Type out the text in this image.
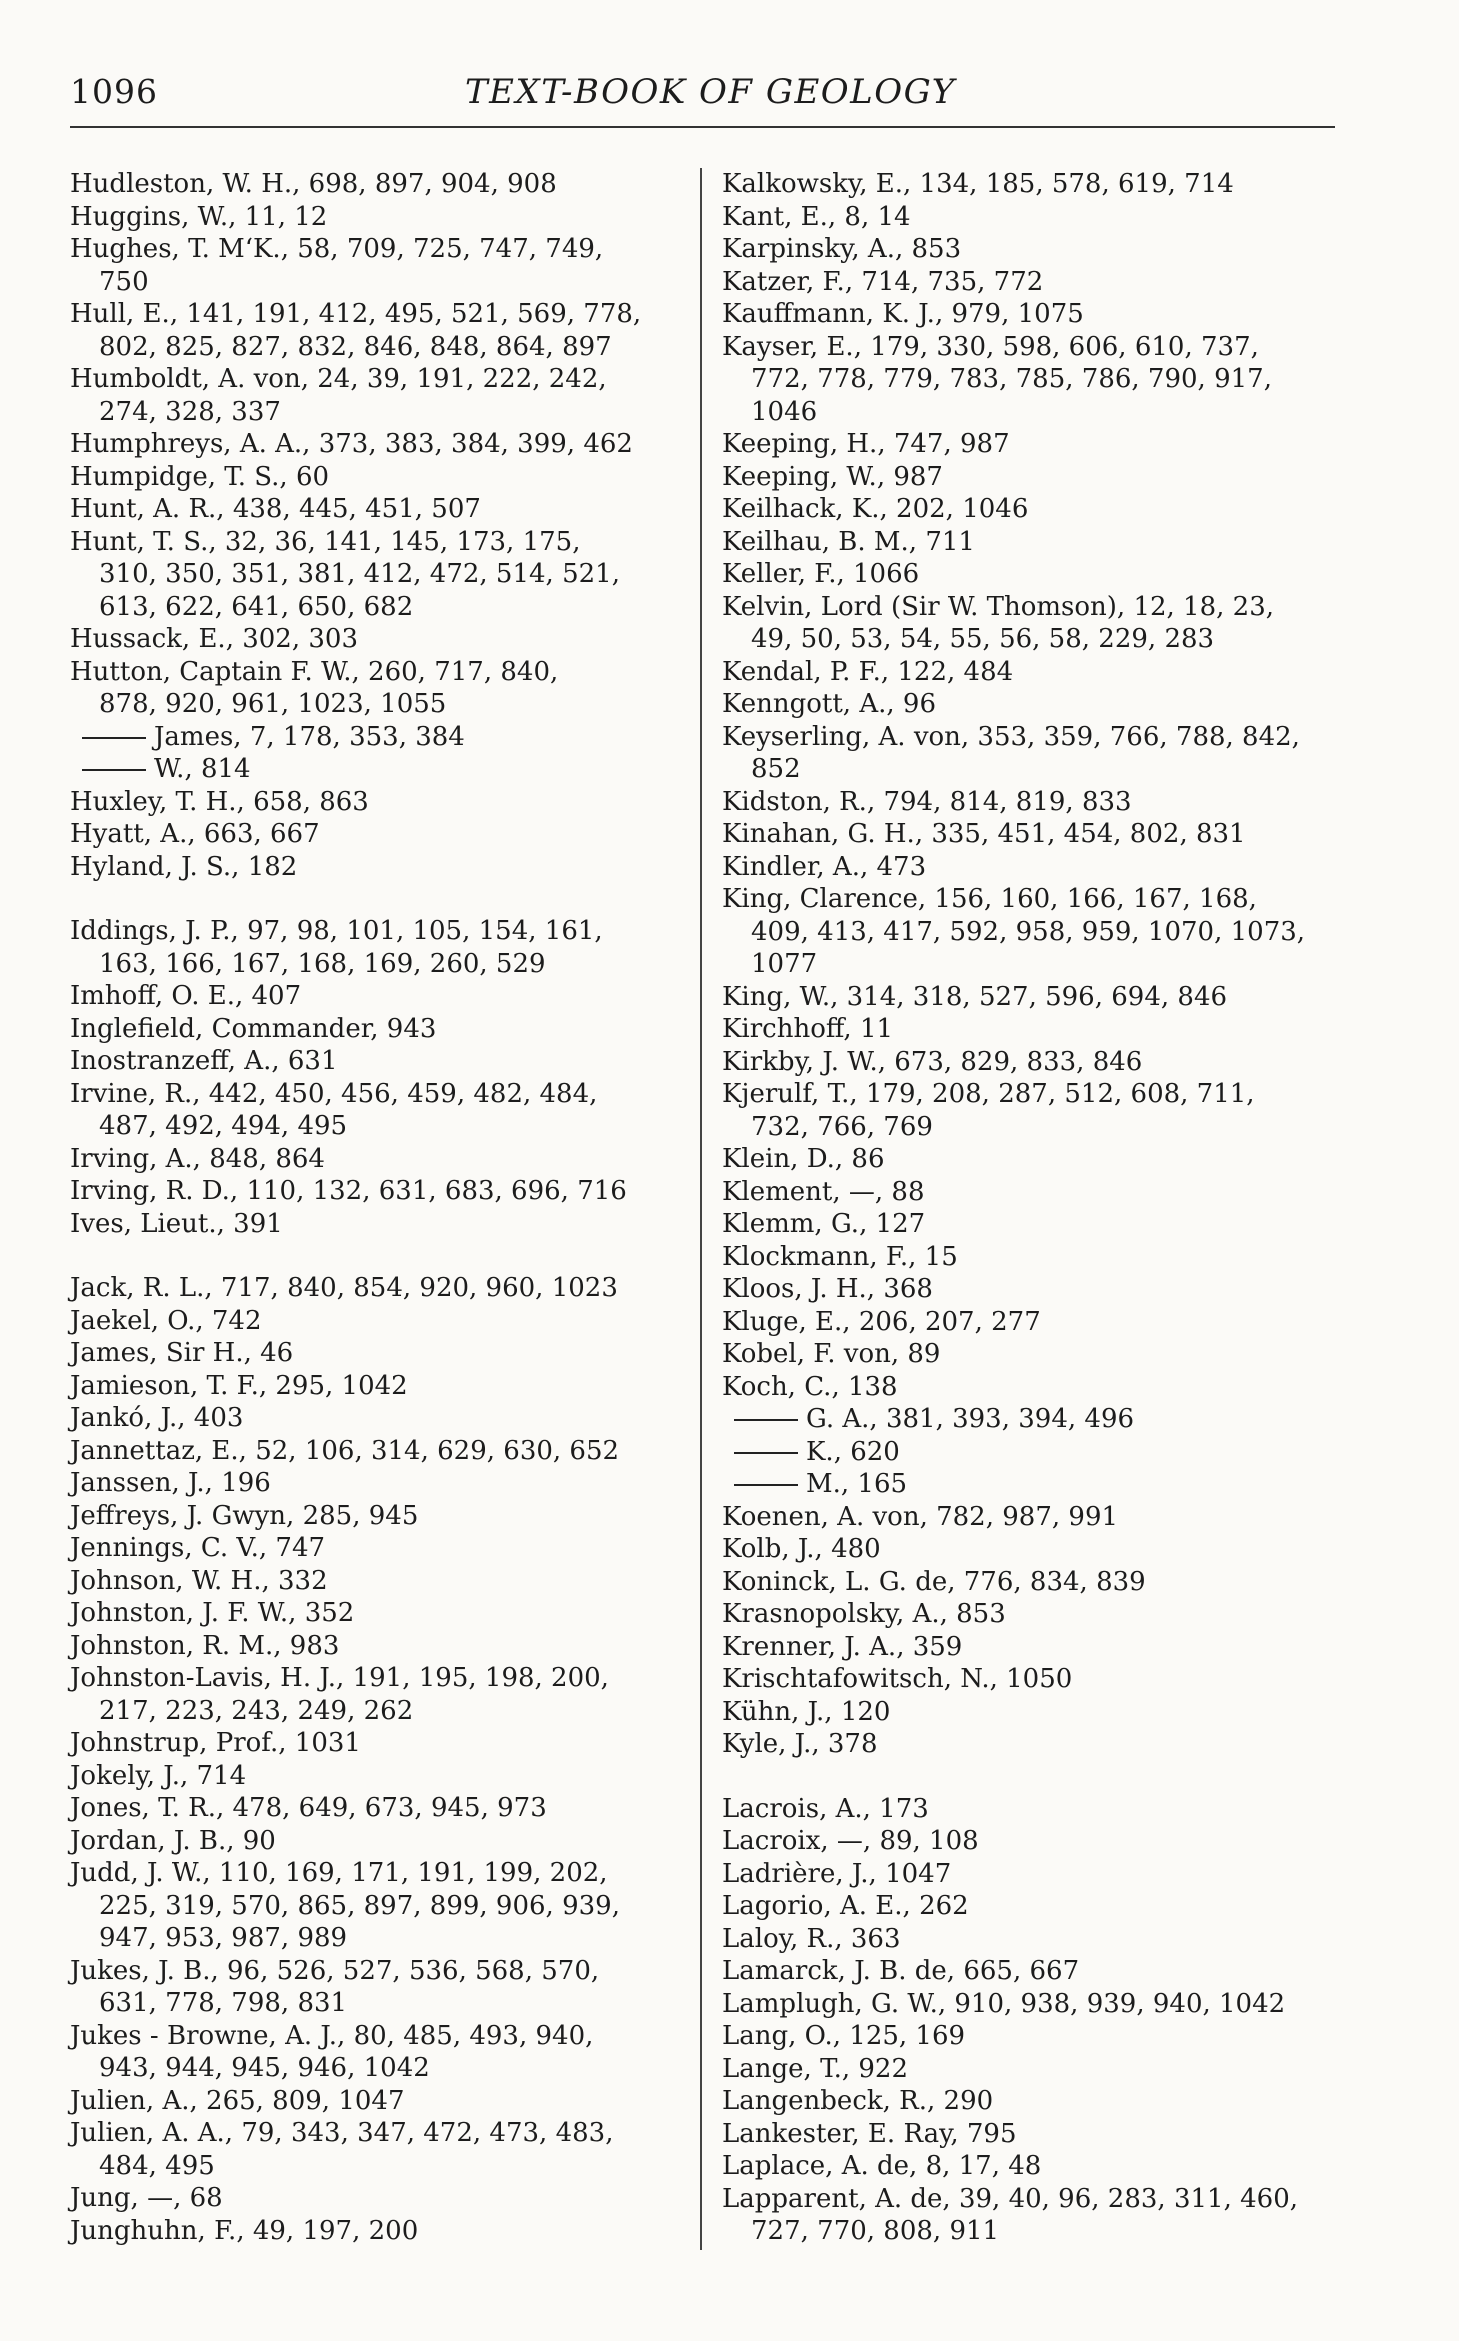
1096	TEXT-BOOK OF GEOLOGY
Hudleston, W. H., 698, 897, 904, 908
Huggins, W., 11, 12
Hughes, T. M‘K., 58, 709, 725, 747, 749,
750
Hull, E., 141, 191, 412, 495, 521, 569, 778,
802, 825, 827, 832, 846, 848, 864, 897
Humboldt, A. von, 24, 39, 191, 222, 242,
274, 328, 337
Humphreys, A. A., 373, 383, 384, 399, 462
Humpidge, T. S., 60
Hunt, A. R., 438, 445, 451, 507
Hunt, T. S., 32, 36, 141, 145, 173, 175,
310, 350, 351, 381, 412, 472, 514, 521,
613, 622, 641, 650, 682
Hussack, E., 302, 303
Hutton, Captain F. W., 260, 717, 840,
878, 920, 961, 1023, 1055
James, 7, 178, 353, 384
W., 814
Huxley, T. H., 658, 863
Hyatt, A., 663, 667
Hyland, J. S., 182
Iddings, J. P., 97, 98, 101, 105, 154, 161,
163, 166, 167, 168, 169, 260, 529
Imhoff, O. E., 407
Inglefield, Commander, 943
Inostranzeff, A., 631
Irvine, R., 442, 450, 456, 459, 482, 484,
487, 492, 494, 495
Irving, A., 848, 864
Irving, R. D., 110, 132, 631, 683, 696, 716
Ives, Lieut., 391
Jack, R. L., 717, 840, 854, 920, 960, 1023
Jaekel, O., 742
James, Sir H., 46
Jamieson, T. F., 295, 1042
Jankó, J., 403
Jannettaz, E., 52, 106, 314, 629, 630, 652
Janssen, J., 196
Jeffreys, J. Gwyn, 285, 945
Jennings, C. V., 747
Johnson, W. H., 332
Johnston, J. F. W., 352
Johnston, R. M., 983
Johnston-Lavis, H. J., 191, 195, 198, 200,
217, 223, 243, 249, 262
Johnstrup, Prof., 1031
Jokely, J., 714
Jones, T. R., 478, 649, 673, 945, 973
Jordan, J. B., 90
Judd, J. W., 110, 169, 171, 191, 199, 202,
225, 319, 570, 865, 897, 899, 906, 939,
947, 953, 987, 989
Jukes, J. B., 96, 526, 527, 536, 568, 570,
631, 778, 798, 831
Jukes - Browne, A. J., 80, 485, 493, 940,
943, 944, 945, 946, 1042
Julien, A., 265, 809, 1047
Julien, A. A., 79, 343, 347, 472, 473, 483,
484, 495
Jung, —, 68
Junghuhn, F., 49, 197, 200
Kalkowsky, E., 134, 185, 578, 619, 714
Kant, E., 8, 14
Karpinsky, A., 853
Katzer, F., 714, 735, 772
Kauffmann, K. J., 979, 1075
Kayser, E., 179, 330, 598, 606, 610, 737,
772, 778, 779, 783, 785, 786, 790, 917,
1046
Keeping, H., 747, 987
Keeping, W., 987
Keilhack, K., 202, 1046
Keilhau, B. M., 711
Keller, F., 1066
Kelvin, Lord (Sir W. Thomson), 12, 18, 23,
49, 50, 53, 54, 55, 56, 58, 229, 283
Kendal, P. F., 122, 484
Kenngott, A., 96
Keyserling, A. von, 353, 359, 766, 788, 842,
852
Kidston, R., 794, 814, 819, 833
Kinahan, G. H., 335, 451, 454, 802, 831
Kindler, A., 473
King, Clarence, 156, 160, 166, 167, 168,
409, 413, 417, 592, 958, 959, 1070, 1073,
1077
King, W., 314, 318, 527, 596, 694, 846
Kirchhoff, 11
Kirkby, J. W., 673, 829, 833, 846
Kjerulf, T., 179, 208, 287, 512, 608, 711,
732, 766, 769
Klein, D., 86
Klement, —, 88
Klemm, G., 127
Klockmann, F., 15
Kloos, J. H., 368
Kluge, E., 206, 207, 277
Kobel, F. von, 89
Koch, C., 138
G. A., 381, 393, 394, 496
K., 620
M., 165
Koenen, A. von, 782, 987, 991
Kolb, J., 480
Koninck, L. G. de, 776, 834, 839
Krasnopolsky, A., 853
Krenner, J. A., 359
Krischtafowitsch, N., 1050
Kühn, J., 120
Kyle, J., 378
Lacrois, A., 173
Lacroix, —, 89, 108
Ladrière, J., 1047
Lagorio, A. E., 262
Laloy, R., 363
Lamarck, J. B. de, 665, 667
Lamplugh, G. W., 910, 938, 939, 940, 1042
Lang, O., 125, 169
Lange, T., 922
Langenbeck, R., 290
Lankester, E. Ray, 795
Laplace, A. de, 8, 17, 48
Lapparent, A. de, 39, 40, 96, 283, 311, 460,
727, 770, 808, 911
